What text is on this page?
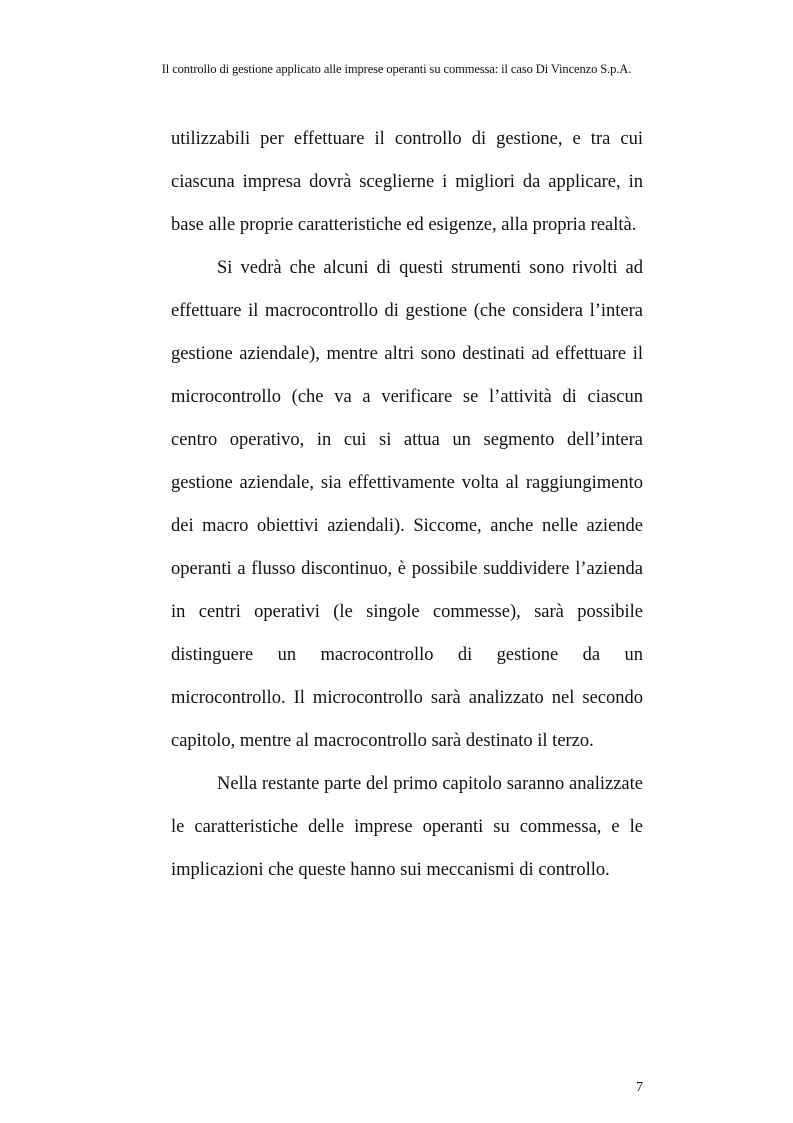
Il controllo di gestione applicato alle imprese operanti su commessa: il caso Di Vincenzo S.p.A.

utilizzabili per effettuare il controllo di gestione, e tra cui ciascuna impresa dovrà sceglierne i migliori da applicare, in base alle proprie caratteristiche ed esigenze, alla propria realtà.

Si vedrà che alcuni di questi strumenti sono rivolti ad effettuare il macrocontrollo di gestione (che considera l’intera gestione aziendale), mentre altri sono destinati ad effettuare il microcontrollo (che va a verificare se l’attività di ciascun centro operativo, in cui si attua un segmento dell’intera gestione aziendale, sia effettivamente volta al raggiungimento dei macro obiettivi aziendali). Siccome, anche nelle aziende operanti a flusso discontinuo, è possibile suddividere l’azienda in centri operativi (le singole commesse), sarà possibile distinguere un macrocontrollo di gestione da un microcontrollo. Il microcontrollo sarà analizzato nel secondo capitolo, mentre al macrocontrollo sarà destinato il terzo.

Nella restante parte del primo capitolo saranno analizzate le caratteristiche delle imprese operanti su commessa, e le implicazioni che queste hanno sui meccanismi di controllo.

7
